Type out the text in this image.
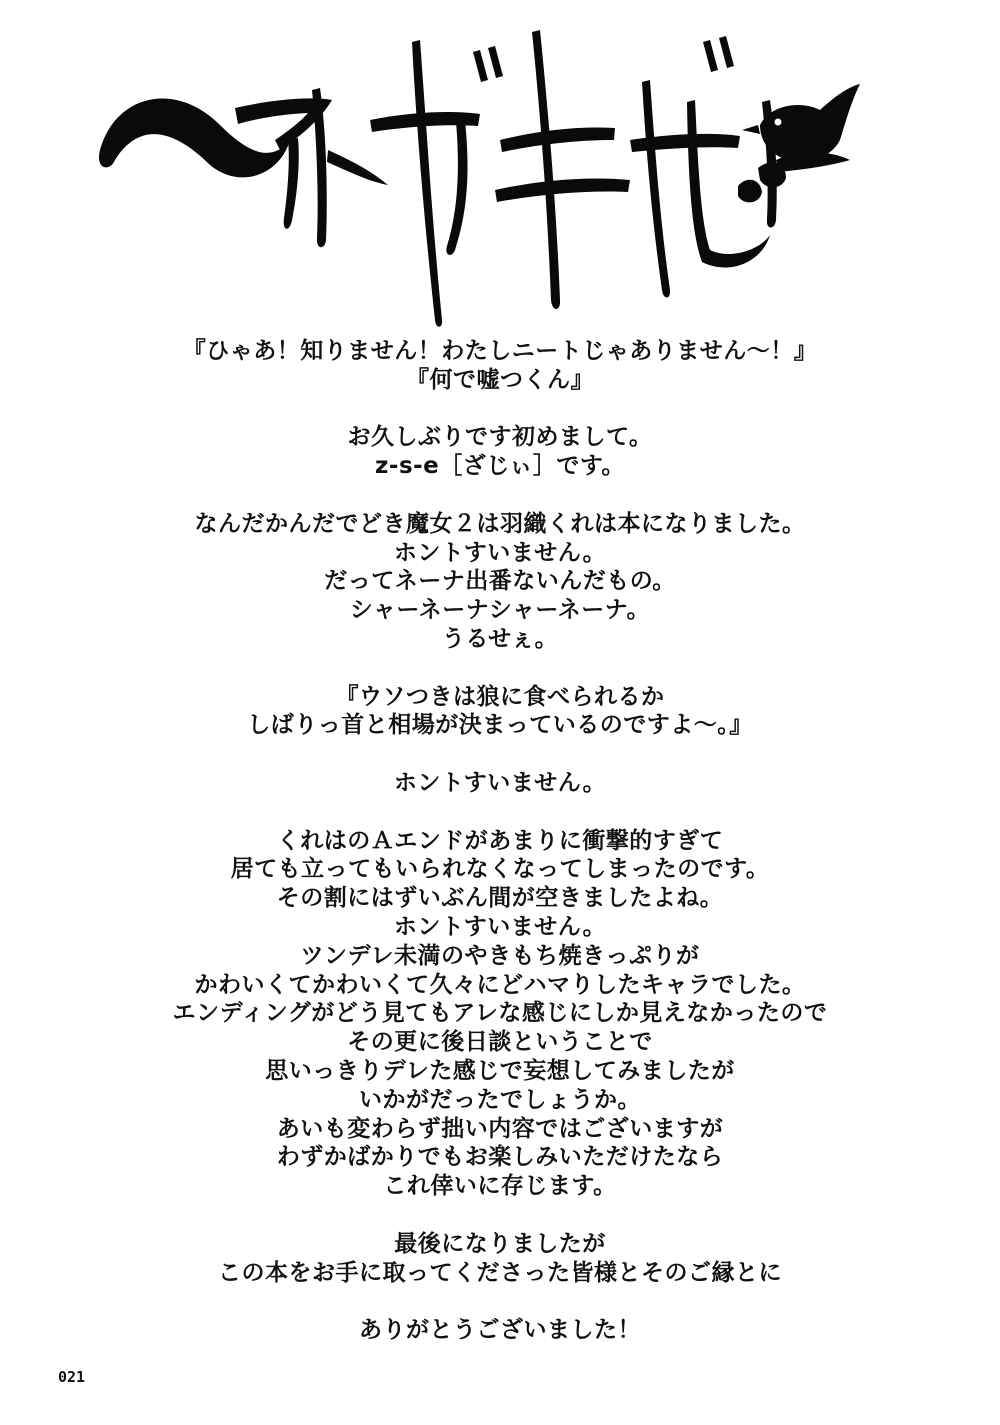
『ひゃあ！知りません！わたしニートじゃありません〜！』
『何で嘘つくん』
お久しぶりです初めまして。
z-s-e［ざじぃ］です。
なんだかんだでどき魔女２は羽織くれは本になりました。
ホントすいません。
だってネーナ出番ないんだもの。
シャーネーナシャーネーナ。
うるせぇ。
『ウソつきは狼に食べられるか
しばりっ首と相場が決まっているのですよ〜。』
ホントすいません。
くれはのＡエンドがあまりに衝撃的すぎて
居ても立ってもいられなくなってしまったのです。
その割にはずいぶん間が空きましたよね。
ホントすいません。
ツンデレ未満のやきもち焼きっぷりが
かわいくてかわいくて久々にどハマりしたキャラでした。
エンディングがどう見てもアレな感じにしか見えなかったので
その更に後日談ということで
思いっきりデレた感じで妄想してみましたが
いかがだったでしょうか。
あいも変わらず拙い内容ではございますが
わずかばかりでもお楽しみいただけたなら
これ倖いに存じます。
最後になりましたが
この本をお手に取ってくださった皆様とそのご縁とに
ありがとうございました！
021
